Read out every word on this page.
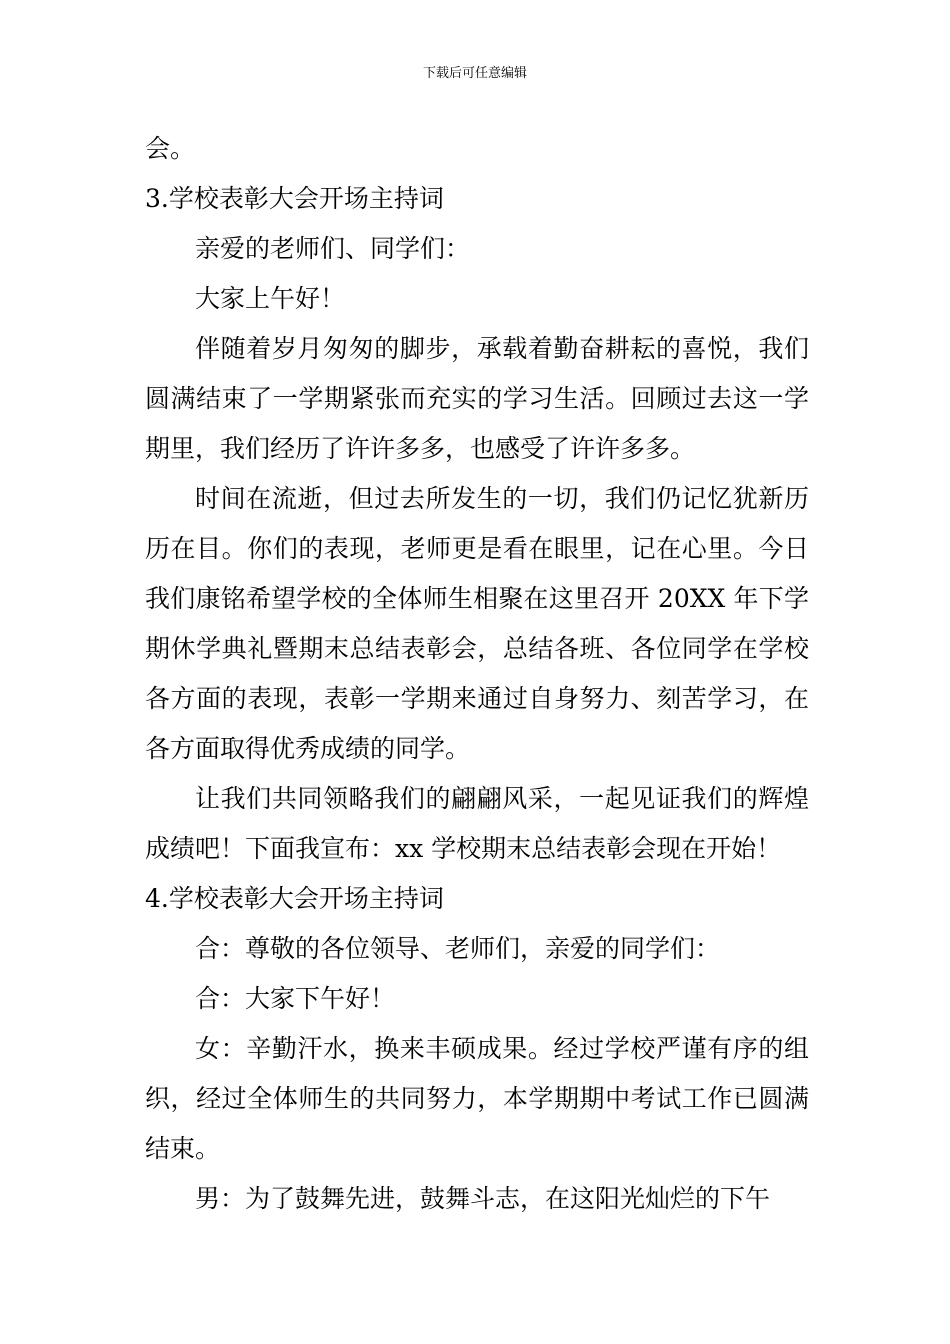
下载后可任意编辑

会。

3.学校表彰大会开场主持词

亲爱的老师们、同学们：

大家上午好！

伴随着岁月匆匆的脚步，承载着勤奋耕耘的喜悦，我们圆满结束了一学期紧张而充实的学习生活。回顾过去这一学期里，我们经历了许许多多，也感受了许许多多。

时间在流逝，但过去所发生的一切，我们仍记忆犹新历历在目。你们的表现，老师更是看在眼里，记在心里。今日我们康铭希望学校的全体师生相聚在这里召开 20XX 年下学期休学典礼暨期末总结表彰会，总结各班、各位同学在学校各方面的表现，表彰一学期来通过自身努力、刻苦学习，在各方面取得优秀成绩的同学。

让我们共同领略我们的翩翩风采，一起见证我们的辉煌成绩吧！下面我宣布：xx 学校期末总结表彰会现在开始！

4.学校表彰大会开场主持词

合：尊敬的各位领导、老师们，亲爱的同学们：

合：大家下午好！

女：辛勤汗水，换来丰硕成果。经过学校严谨有序的组织，经过全体师生的共同努力，本学期期中考试工作已圆满结束。

男：为了鼓舞先进，鼓舞斗志，在这阳光灿烂的下午
